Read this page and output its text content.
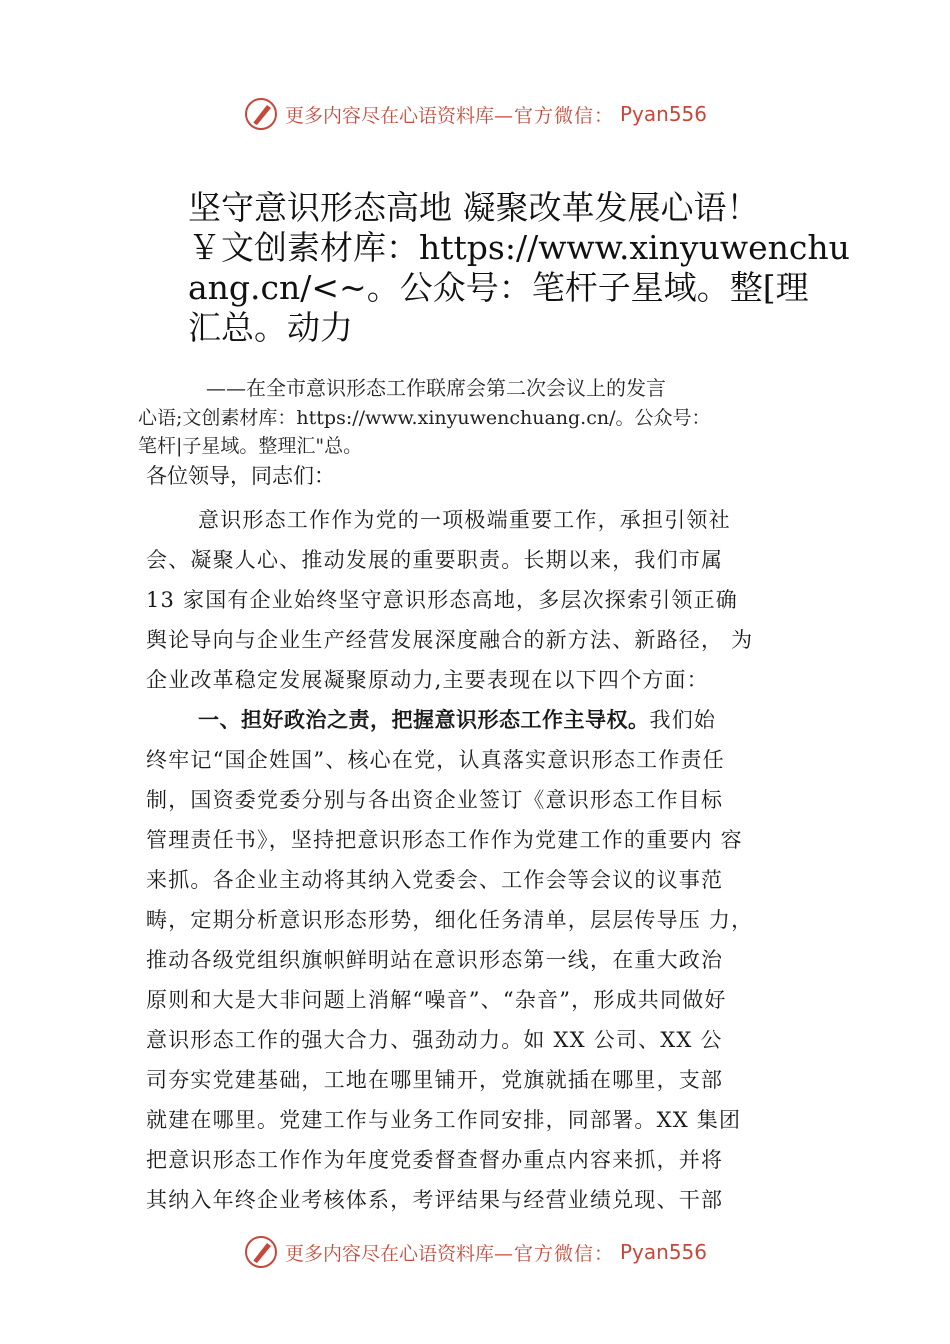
更多内容尽在心语资料库 —官方微信： Pyan556
坚守意识形态高地 凝聚改革发展心语！
￥文创素材库：https://www.xinyuwenchu
ang.cn/<~。公众号：笔杆子星域。整[理
汇总。动力
——在全市意识形态工作联席会第二次会议上的发言
心语;文创素材库：https://www.xinyuwenchuang.cn/。公众号：
笔杆|子星域。整理汇"总。
各位领导，同志们：
意识形态工作作为党的一项极端重要工作，承担引领社
会、凝聚人心、推动发展的重要职责。长期以来，我们市属
13 家国有企业始终坚守意识形态高地，多层次探索引领正确
舆论导向与企业生产经营发展深度融合的新方法、新路径， 为
企业改革稳定发展凝聚原动力,主要表现在以下四个方面：
一、担好政治之责，把握意识形态工作主导权。我们始
终牢记“国企姓国”、核心在党，认真落实意识形态工作责任
制，国资委党委分别与各出资企业签订《意识形态工作目标
管理责任书》，坚持把意识形态工作作为党建工作的重要内 容
来抓。各企业主动将其纳入党委会、工作会等会议的议事范
畴，定期分析意识形态形势，细化任务清单，层层传导压 力，
推动各级党组织旗帜鲜明站在意识形态第一线，在重大政治
原则和大是大非问题上消解“噪音”、“杂音”，形成共同做好
意识形态工作的强大合力、强劲动力。如 XX 公司、XX 公
司夯实党建基础，工地在哪里铺开，党旗就插在哪里，支部
就建在哪里。党建工作与业务工作同安排，同部署。XX 集团
把意识形态工作作为年度党委督查督办重点内容来抓，并将
其纳入年终企业考核体系，考评结果与经营业绩兑现、干部
更多内容尽在心语资料库 —官方微信： Pyan556
